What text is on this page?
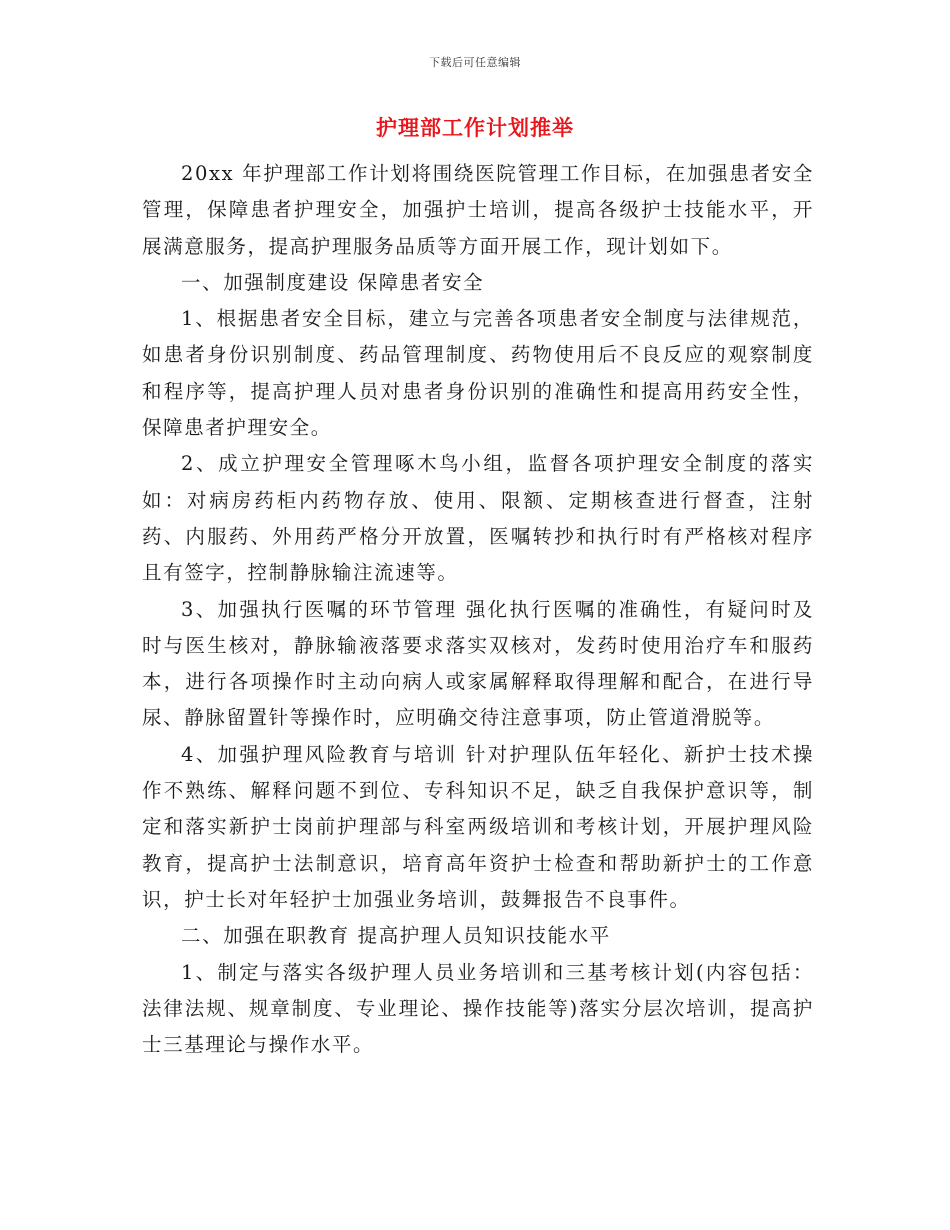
下载后可任意编辑
护理部工作计划推举

20xx 年护理部工作计划将围绕医院管理工作目标，在加强患者安全管理，保障患者护理安全，加强护士培训，提高各级护士技能水平，开展满意服务，提高护理服务品质等方面开展工作，现计划如下。

一、加强制度建设 保障患者安全

1、根据患者安全目标，建立与完善各项患者安全制度与法律规范，如患者身份识别制度、药品管理制度、药物使用后不良反应的观察制度和程序等，提高护理人员对患者身份识别的准确性和提高用药安全性，保障患者护理安全。

2、成立护理安全管理啄木鸟小组，监督各项护理安全制度的落实如：对病房药柜内药物存放、使用、限额、定期核查进行督查，注射药、内服药、外用药严格分开放置，医嘱转抄和执行时有严格核对程序且有签字，控制静脉输注流速等。

3、加强执行医嘱的环节管理 强化执行医嘱的准确性，有疑问时及时与医生核对，静脉输液落要求落实双核对，发药时使用治疗车和服药本，进行各项操作时主动向病人或家属解释取得理解和配合，在进行导尿、静脉留置针等操作时，应明确交待注意事项，防止管道滑脱等。

4、加强护理风险教育与培训 针对护理队伍年轻化、新护士技术操作不熟练、解释问题不到位、专科知识不足，缺乏自我保护意识等，制定和落实新护士岗前护理部与科室两级培训和考核计划，开展护理风险教育，提高护士法制意识，培育高年资护士检查和帮助新护士的工作意识，护士长对年轻护士加强业务培训，鼓舞报告不良事件。

二、加强在职教育 提高护理人员知识技能水平

1、制定与落实各级护理人员业务培训和三基考核计划(内容包括：法律法规、规章制度、专业理论、操作技能等)落实分层次培训，提高护士三基理论与操作水平。
